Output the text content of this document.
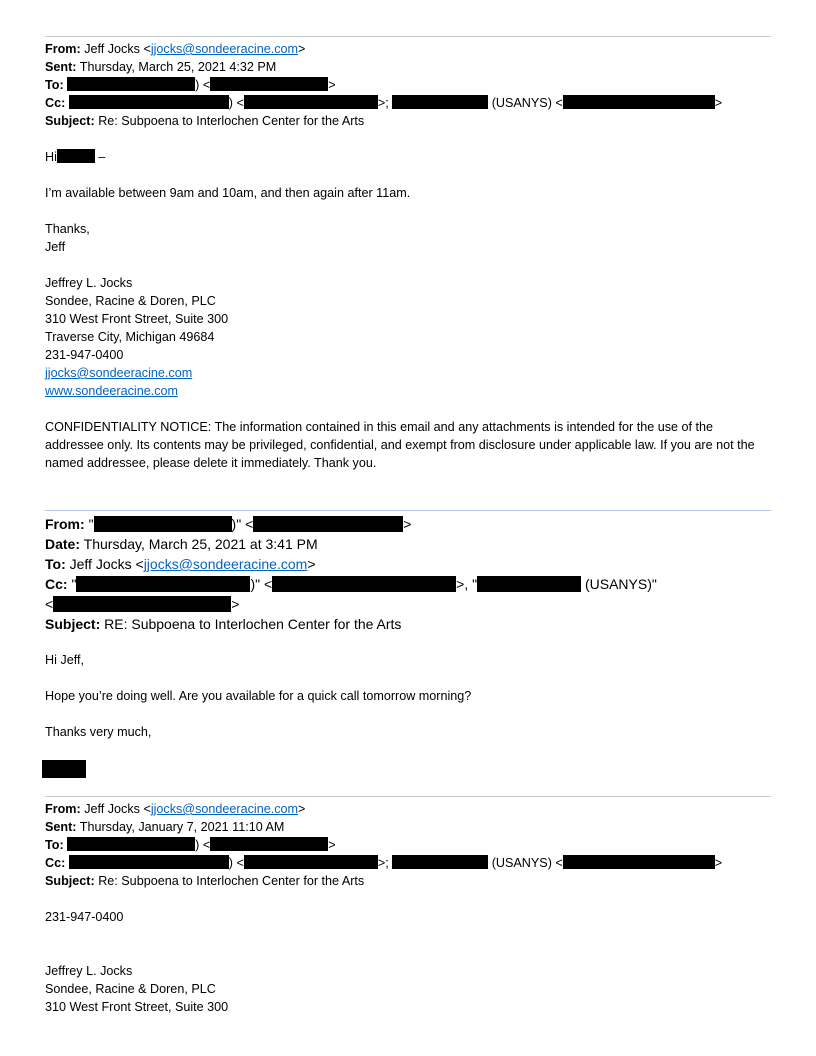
From: Jeff Jocks <jjocks@sondeeracine.com>
Sent: Thursday, March 25, 2021 4:32 PM
To:	) <	>
Cc:	) <	>;	(USANYS) <	>
Subject: Re: Subpoena to Interlochen Center for the Arts
Hi	–
I’m available between 9am and 10am, and then again after 11am.
Thanks,
Jeff
Jeffrey L. Jocks
Sondee, Racine & Doren, PLC
310 West Front Street, Suite 300
Traverse City, Michigan 49684
231-947-0400
jjocks@sondeeracine.com
www.sondeeracine.com
CONFIDENTIALITY NOTICE: The information contained in this email and any attachments is intended for the use of the addressee only. Its contents may be privileged, confidential, and exempt from disclosure under applicable law. If you are not the named addressee, please delete it immediately. Thank you.
From: "	)" <	>
Date: Thursday, March 25, 2021 at 3:41 PM
To: Jeff Jocks <jjocks@sondeeracine.com>
Cc: "	)" <	>, "	(USANYS)"
<	>
Subject: RE: Subpoena to Interlochen Center for the Arts
Hi Jeff,
Hope you’re doing well. Are you available for a quick call tomorrow morning?
Thanks very much,
From: Jeff Jocks <jjocks@sondeeracine.com>
Sent: Thursday, January 7, 2021 11:10 AM
To:	) <	>
Cc:	) <	>;	(USANYS) <	>
Subject: Re: Subpoena to Interlochen Center for the Arts
231-947-0400
Jeffrey L. Jocks
Sondee, Racine & Doren, PLC
310 West Front Street, Suite 300
